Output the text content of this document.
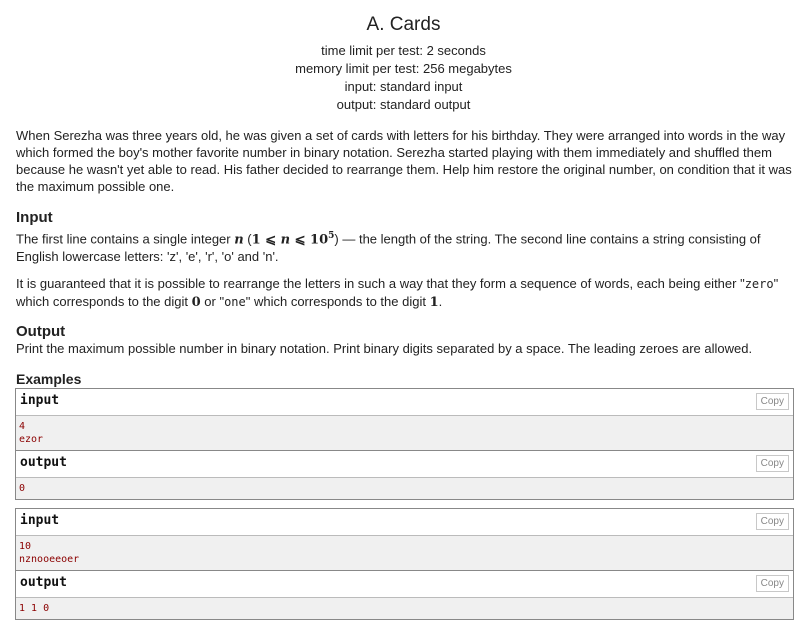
A. Cards
time limit per test: 2 seconds
memory limit per test: 256 megabytes
input: standard input
output: standard output
When Serezha was three years old, he was given a set of cards with letters for his birthday. They were arranged into words in the way which formed the boy's mother favorite number in binary notation. Serezha started playing with them immediately and shuffled them because he wasn't yet able to read. His father decided to rearrange them. Help him restore the original number, on condition that it was the maximum possible one.
Input
The first line contains a single integer n (1 ⩽ n ⩽ $10^5$) — the length of the string. The second line contains a string consisting of English lowercase letters: 'z', 'e', 'r', 'o' and 'n'.
It is guaranteed that it is possible to rearrange the letters in such a way that they form a sequence of words, each being either "zero" which corresponds to the digit 0 or "one" which corresponds to the digit 1.
Output
Print the maximum possible number in binary notation. Print binary digits separated by a space. The leading zeroes are allowed.
Examples
input	Copy
4
ezor
output	Copy
0
input	Copy
10
nznooeeoer
output	Copy
1 1 0
